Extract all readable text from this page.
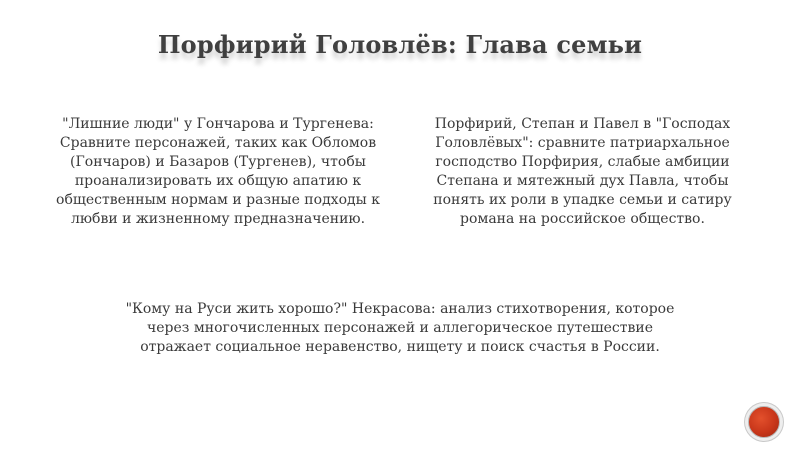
Порфирий Головлёв: Глава семьи
"Лишние люди" у Гончарова и Тургенева: Сравните персонажей, таких как Обломов (Гончаров) и Базаров (Тургенев), чтобы проанализировать их общую апатию к общественным нормам и разные подходы к любви и жизненному предназначению.
Порфирий, Степан и Павел в "Господах Головлёвых": сравните патриархальное господство Порфирия, слабые амбиции Степана и мятежный дух Павла, чтобы понять их роли в упадке семьи и сатиру романа на российское общество.
"Кому на Руси жить хорошо?" Некрасова: анализ стихотворения, которое через многочисленных персонажей и аллегорическое путешествие отражает социальное неравенство, нищету и поиск счастья в России.
